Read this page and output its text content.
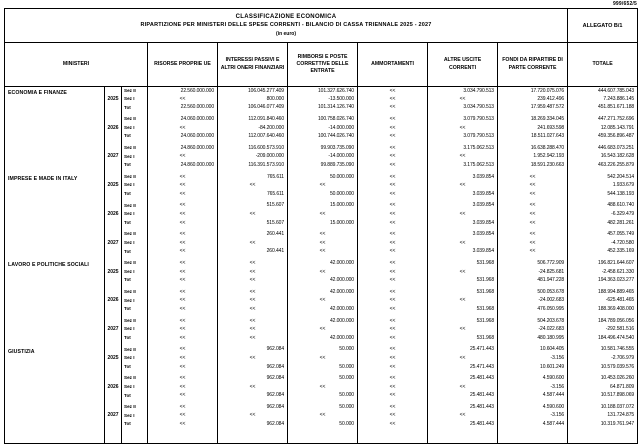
999/652/5
CLASSIFICAZIONE ECONOMICA
RIPARTIZIONE PER MINISTERI DELLE SPESE CORRENTI - BILANCIO DI CASSA TRIENNALE 2025 - 2027
(in euro)									ALLEGATO B/1
MINISTERI			RISORSE PROPRIE UE	INTERESSI PASSIVI E ALTRI ONERI FINANZIARI	RIMBORSI E POSTE CORRETTIVE DELLE ENTRATE	AMMORTAMENTI	ALTRE USCITE CORRENTI	FONDI DA RIPARTIRE DI PARTE CORRENTE	TOTALE
ECONOMIA E FINANZE	2025	Sez II	22.560.000.000	106.045.277.409	101.327.626.740	<<	3.034.790.513	17.720.075.076	444.607.785.043
		Sez I	<<	800.000	-13.500.000	<<	<<	239.412.496	7.243.886.145
		Tot	22.560.000.000	106.046.077.409	101.314.126.740	<<	3.034.790.513	17.959.487.572	451.851.671.188

	2026	Sez II	24.060.000.000	112.091.840.460	100.758.026.740	<<	3.079.790.513	18.269.334.045	447.271.752.696
		Sez I	<<	-84.200.000	-14.000.000	<<	<<	241.693.598	12.085.143.791
		Tot	24.060.000.000	112.007.640.460	100.744.026.740	<<	3.079.790.513	18.511.027.643	459.356.896.487

	2027	Sez II	24.860.000.000	116.600.573.910	99.903.735.090	<<	3.175.062.513	16.638.288.470	446.683.073.251
		Sez I	<<	-209.000.000	-14.000.000	<<	<<	1.952.942.193	16.543.182.628
		Tot	24.860.000.000	116.391.573.910	99.889.735.090	<<	3.175.062.513	18.591.230.663	463.226.255.879

IMPRESE E MADE IN ITALY	2025	Sez II	<<	765.611	50.000.000	<<	3.039.854	<<	542.204.514
		Sez I	<<	<<	<<	<<	<<	<<	1.933.679
		Tot	<<	765.611	50.000.000	<<	3.039.854	<<	544.138.193

	2026	Sez II	<<	515.607	15.000.000	<<	3.039.854	<<	488.610.740
		Sez I	<<	<<	<<	<<	<<	<<	-6.329.479
		Tot	<<	515.607	15.000.000	<<	3.039.854	<<	482.281.261

	2027	Sez II	<<	260.441	<<	<<	3.039.854	<<	457.055.749
		Sez I	<<	<<	<<	<<	<<	<<	-4.720.580
		Tot	<<	260.441	<<	<<	3.039.854	<<	452.335.169

LAVORO E POLITICHE SOCIALI	2025	Sez II	<<	<<	42.000.000	<<	531.968	506.772.909	196.821.644.607
		Sez I	<<	<<	<<	<<	<<	-24.825.681	-2.458.621.330
		Tot	<<	<<	42.000.000	<<	531.968	481.947.228	194.363.023.277

	2026	Sez II	<<	<<	42.000.000	<<	531.968	500.053.678	188.994.889.465
		Sez I	<<	<<	<<	<<	<<	-24.002.683	-625.481.465
		Tot	<<	<<	42.000.000	<<	531.968	476.050.995	188.369.408.000

	2027	Sez II	<<	<<	42.000.000	<<	531.968	504.203.678	184.789.056.056
		Sez I	<<	<<	<<	<<	<<	-24.022.683	-292.581.516
		Tot	<<	<<	42.000.000	<<	531.968	480.180.995	184.496.474.540

GIUSTIZIA	2025	Sez II	<<	962.084	50.000	<<	25.471.443	10.604.405	10.581.746.555
		Sez I	<<	<<	<<	<<	<<	-3.156	-2.706.979
		Tot	<<	962.084	50.000	<<	25.471.443	10.601.249	10.579.039.576

	2026	Sez II	<<	962.084	50.000	<<	25.481.443	4.590.600	10.453.026.260
		Sez I	<<	<<	<<	<<	<<	-3.156	64.871.809
		Tot	<<	962.084	50.000	<<	25.481.443	4.587.444	10.517.898.069

	2027	Sez II	<<	962.084	50.000	<<	25.481.443	4.590.600	10.188.037.072
		Sez I	<<	<<	<<	<<	<<	-3.156	131.724.875
		Tot	<<	962.084	50.000	<<	25.481.443	4.587.444	10.319.761.947
